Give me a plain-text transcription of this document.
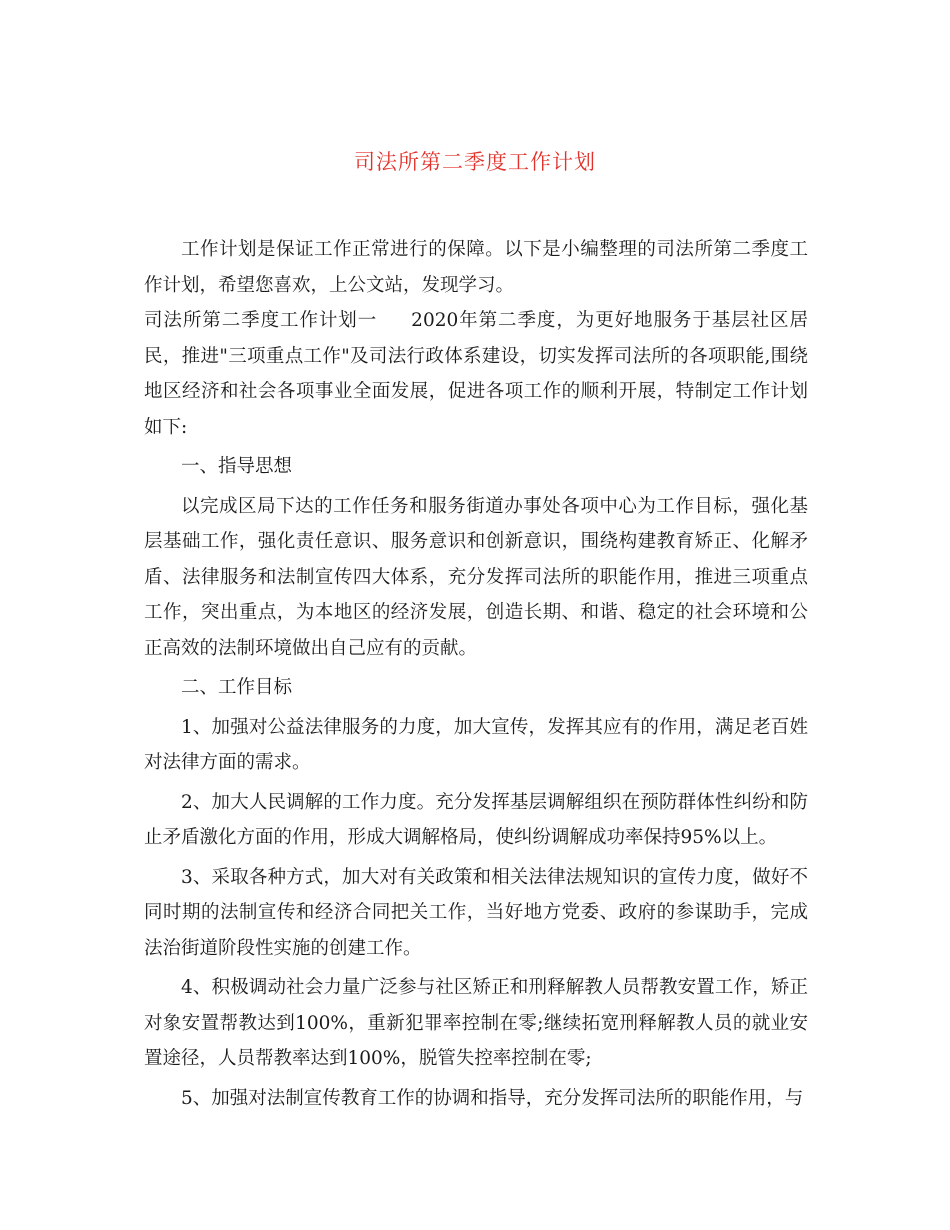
司法所第二季度工作计划

工作计划是保证工作正常进行的保障。以下是小编整理的司法所第二季度工作计划，希望您喜欢，上公文站，发现学习。

司法所第二季度工作计划一 2020年第二季度，为更好地服务于基层社区居民，推进"三项重点工作"及司法行政体系建设，切实发挥司法所的各项职能,围绕地区经济和社会各项事业全面发展，促进各项工作的顺利开展，特制定工作计划如下:

一、指导思想

以完成区局下达的工作任务和服务街道办事处各项中心为工作目标，强化基层基础工作，强化责任意识、服务意识和创新意识，围绕构建教育矫正、化解矛盾、法律服务和法制宣传四大体系，充分发挥司法所的职能作用，推进三项重点工作，突出重点，为本地区的经济发展，创造长期、和谐、稳定的社会环境和公正高效的法制环境做出自己应有的贡献。

二、工作目标

1、加强对公益法律服务的力度，加大宣传，发挥其应有的作用，满足老百姓对法律方面的需求。

2、加大人民调解的工作力度。充分发挥基层调解组织在预防群体性纠纷和防止矛盾激化方面的作用，形成大调解格局，使纠纷调解成功率保持95%以上。

3、采取各种方式，加大对有关政策和相关法律法规知识的宣传力度，做好不同时期的法制宣传和经济合同把关工作，当好地方党委、政府的参谋助手，完成法治街道阶段性实施的创建工作。

4、积极调动社会力量广泛参与社区矫正和刑释解教人员帮教安置工作，矫正对象安置帮教达到100%，重新犯罪率控制在零;继续拓宽刑释解教人员的就业安置途径，人员帮教率达到100%，脱管失控率控制在零;

5、加强对法制宣传教育工作的协调和指导，充分发挥司法所的职能作用，与
